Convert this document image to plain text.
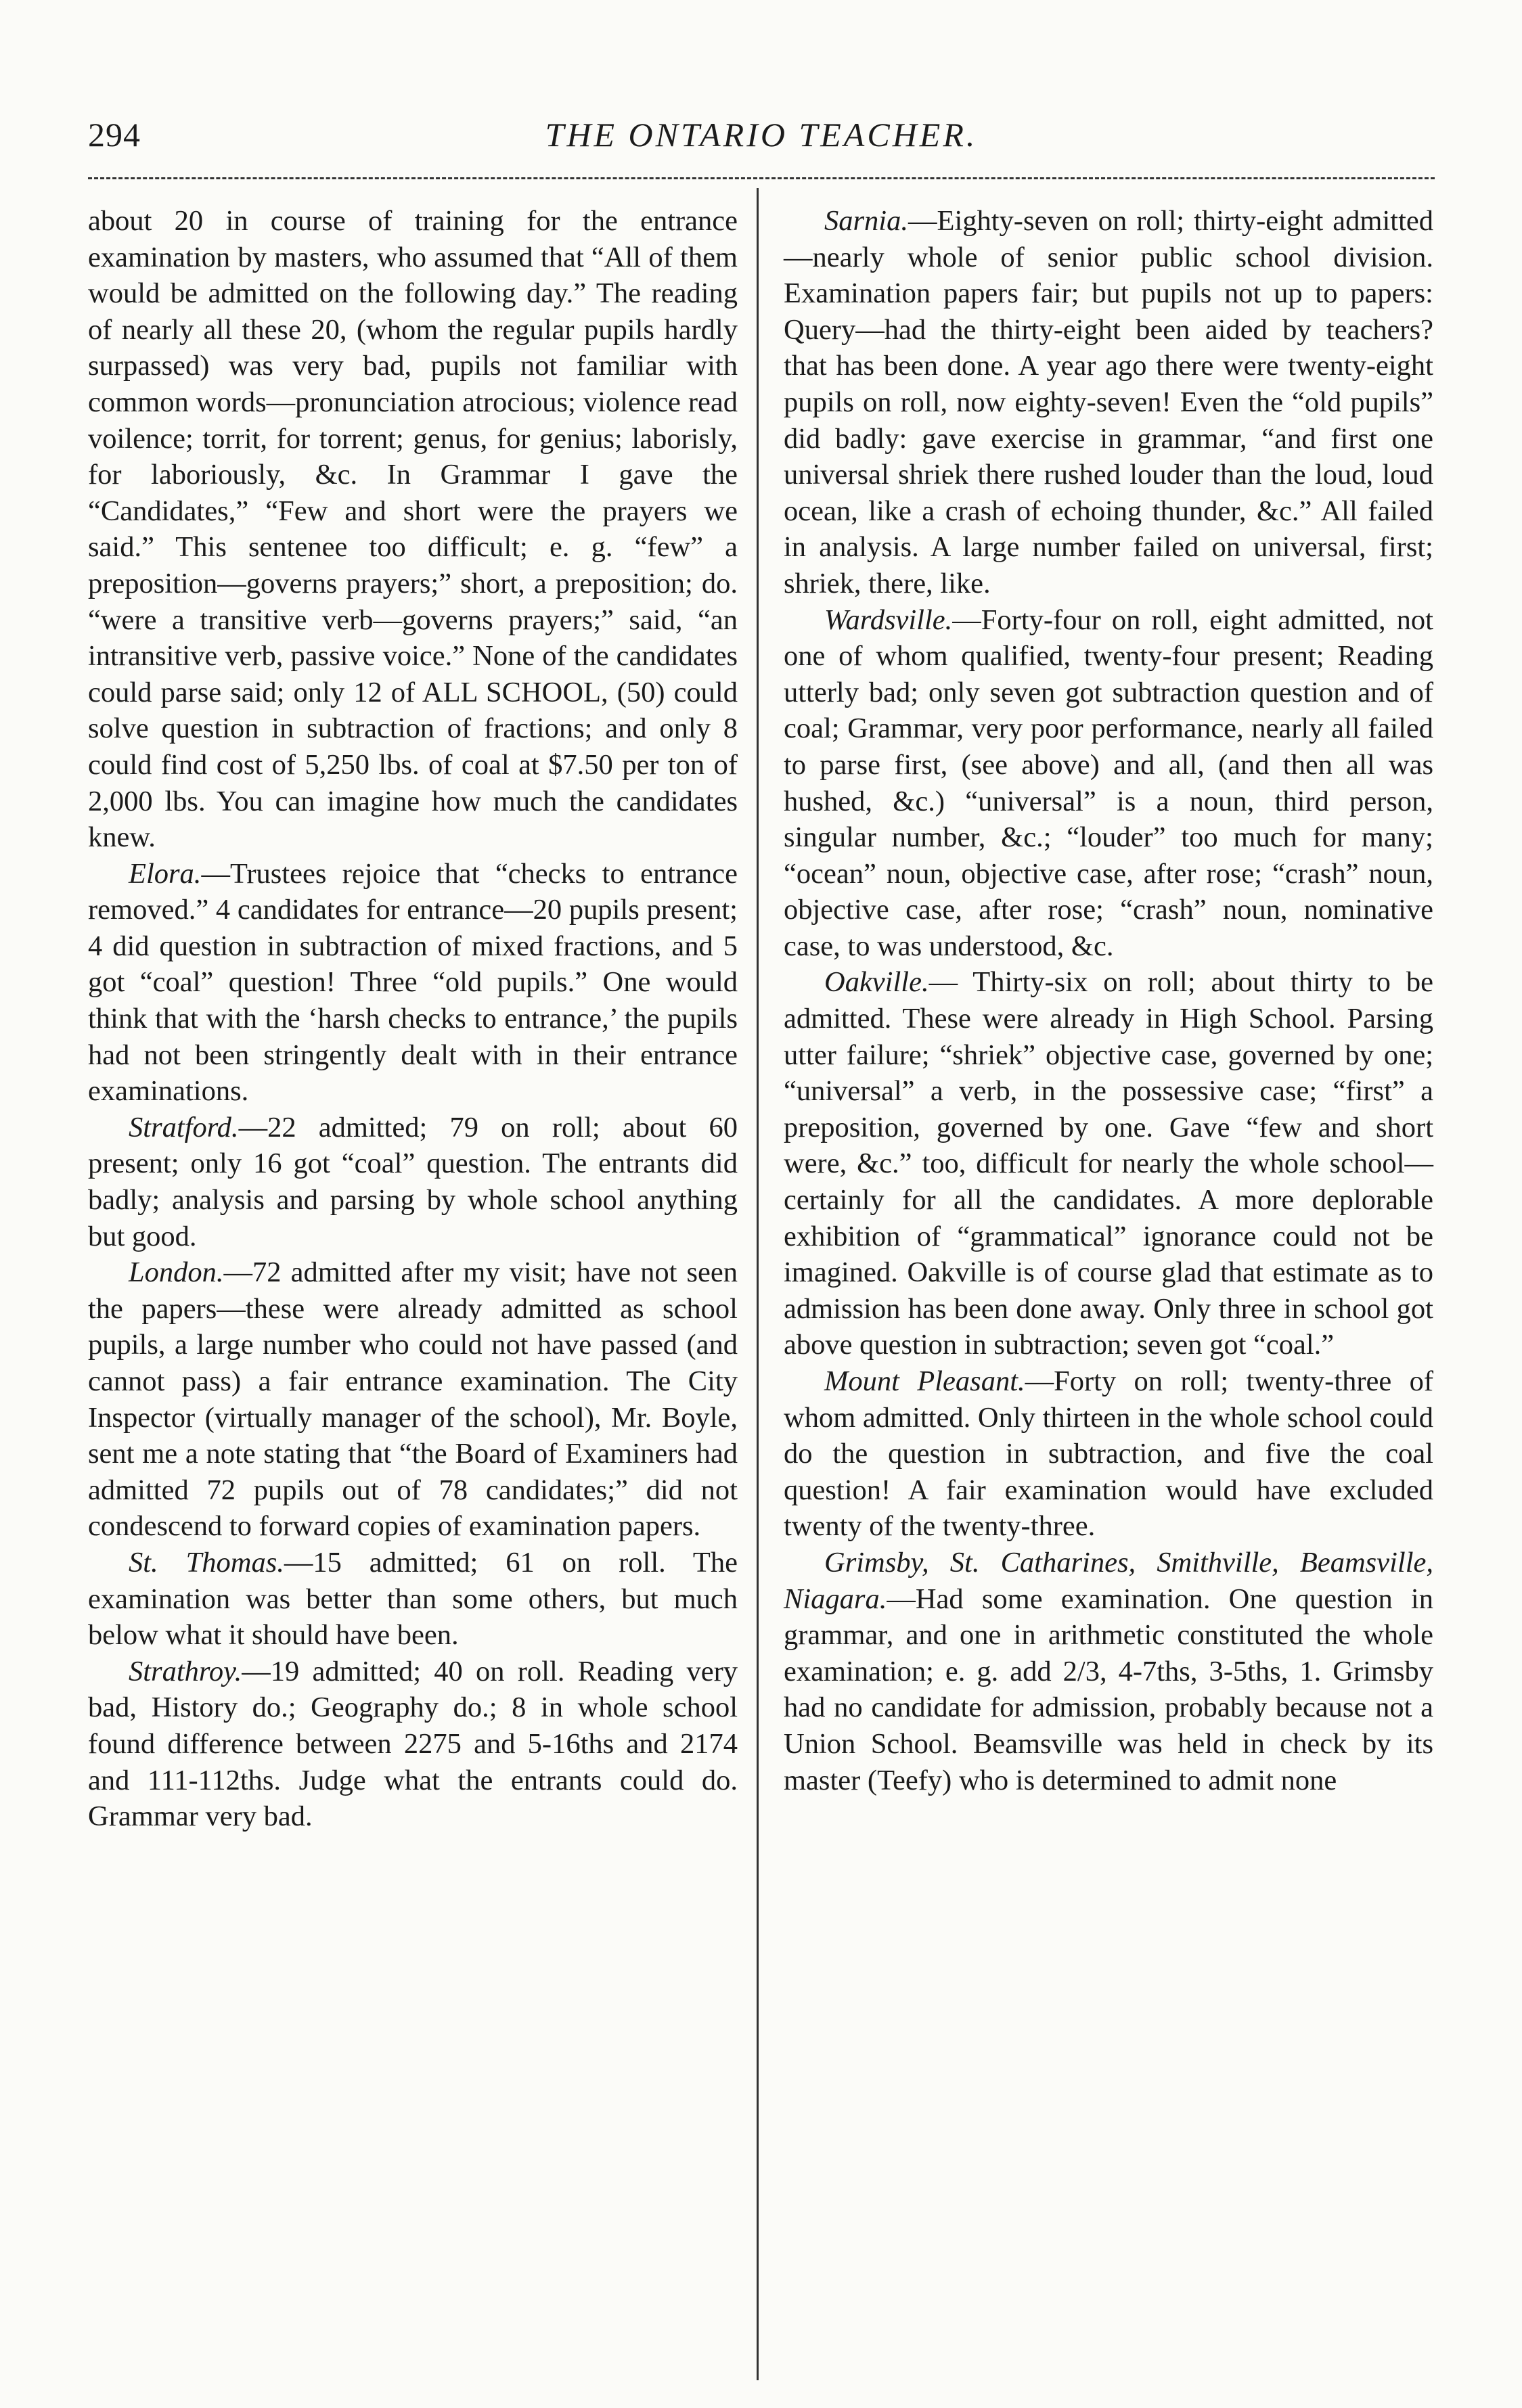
294	THE ONTARIO TEACHER.

about 20 in course of training for the entrance examination by masters, who assumed that “All of them would be admitted on the following day.” The reading of nearly all these 20, (whom the regular pupils hardly surpassed) was very bad, pupils not familiar with common words—pronunciation atrocious; violence read voilence; torrit, for torrent; genus, for genius; laborisly, for laboriously, &c. In Grammar I gave the “Candidates,” “Few and short were the prayers we said.” This sentenee too difficult; e. g. “few” a preposition—governs prayers;” short, a preposition; do. “were a transitive verb—governs prayers;” said, “an intransitive verb, passive voice.” None of the candidates could parse said; only 12 of ALL SCHOOL, (50) could solve question in subtraction of fractions; and only 8 could find cost of 5,250 lbs. of coal at $7.50 per ton of 2,000 lbs. You can imagine how much the candidates knew.

Elora.—Trustees rejoice that “checks to entrance removed.” 4 candidates for entrance—20 pupils present; 4 did question in subtraction of mixed fractions, and 5 got “coal” question! Three “old pupils.” One would think that with the ‘harsh checks to entrance,’ the pupils had not been stringently dealt with in their entrance examinations.

Stratford.—22 admitted; 79 on roll; about 60 present; only 16 got “coal” question. The entrants did badly; analysis and parsing by whole school anything but good.

London.—72 admitted after my visit; have not seen the papers—these were already admitted as school pupils, a large number who could not have passed (and cannot pass) a fair entrance examination. The City Inspector (virtually manager of the school), Mr. Boyle, sent me a note stating that “the Board of Examiners had admitted 72 pupils out of 78 candidates;” did not condescend to forward copies of examination papers.

St. Thomas.—15 admitted; 61 on roll. The examination was better than some others, but much below what it should have been.

Strathroy.—19 admitted; 40 on roll. Reading very bad, History do.; Geography do.; 8 in whole school found difference between 2275 and 5-16ths and 2174 and 111-112ths. Judge what the entrants could do. Grammar very bad.

Sarnia.—Eighty-seven on roll; thirty-eight admitted—nearly whole of senior public school division. Examination papers fair; but pupils not up to papers: Query—had the thirty-eight been aided by teachers? that has been done. A year ago there were twenty-eight pupils on roll, now eighty-seven! Even the “old pupils” did badly: gave exercise in grammar, “and first one universal shriek there rushed louder than the loud, loud ocean, like a crash of echoing thunder, &c.” All failed in analysis. A large number failed on universal, first; shriek, there, like.

Wardsville.—Forty-four on roll, eight admitted, not one of whom qualified, twenty-four present; Reading utterly bad; only seven got subtraction question and of coal; Grammar, very poor performance, nearly all failed to parse first, (see above) and all, (and then all was hushed, &c.) “universal” is a noun, third person, singular number, &c.; “louder” too much for many; “ocean” noun, objective case, after rose; “crash” noun, objective case, after rose; “crash” noun, nominative case, to was understood, &c.

Oakville.— Thirty-six on roll; about thirty to be admitted. These were already in High School. Parsing utter failure; “shriek” objective case, governed by one; “universal” a verb, in the possessive case; “first” a preposition, governed by one. Gave “few and short were, &c.” too, difficult for nearly the whole school—certainly for all the candidates. A more deplorable exhibition of “grammatical” ignorance could not be imagined. Oakville is of course glad that estimate as to admission has been done away. Only three in school got above question in subtraction; seven got “coal.”

Mount Pleasant.—Forty on roll; twenty-three of whom admitted. Only thirteen in the whole school could do the question in subtraction, and five the coal question! A fair examination would have excluded twenty of the twenty-three.

Grimsby, St. Catharines, Smithville, Beamsville, Niagara.—Had some examination. One question in grammar, and one in arithmetic constituted the whole examination; e. g. add 2/3, 4-7ths, 3-5ths, 1. Grimsby had no candidate for admission, probably because not a Union School. Beamsville was held in check by its master (Teefy) who is determined to admit none
